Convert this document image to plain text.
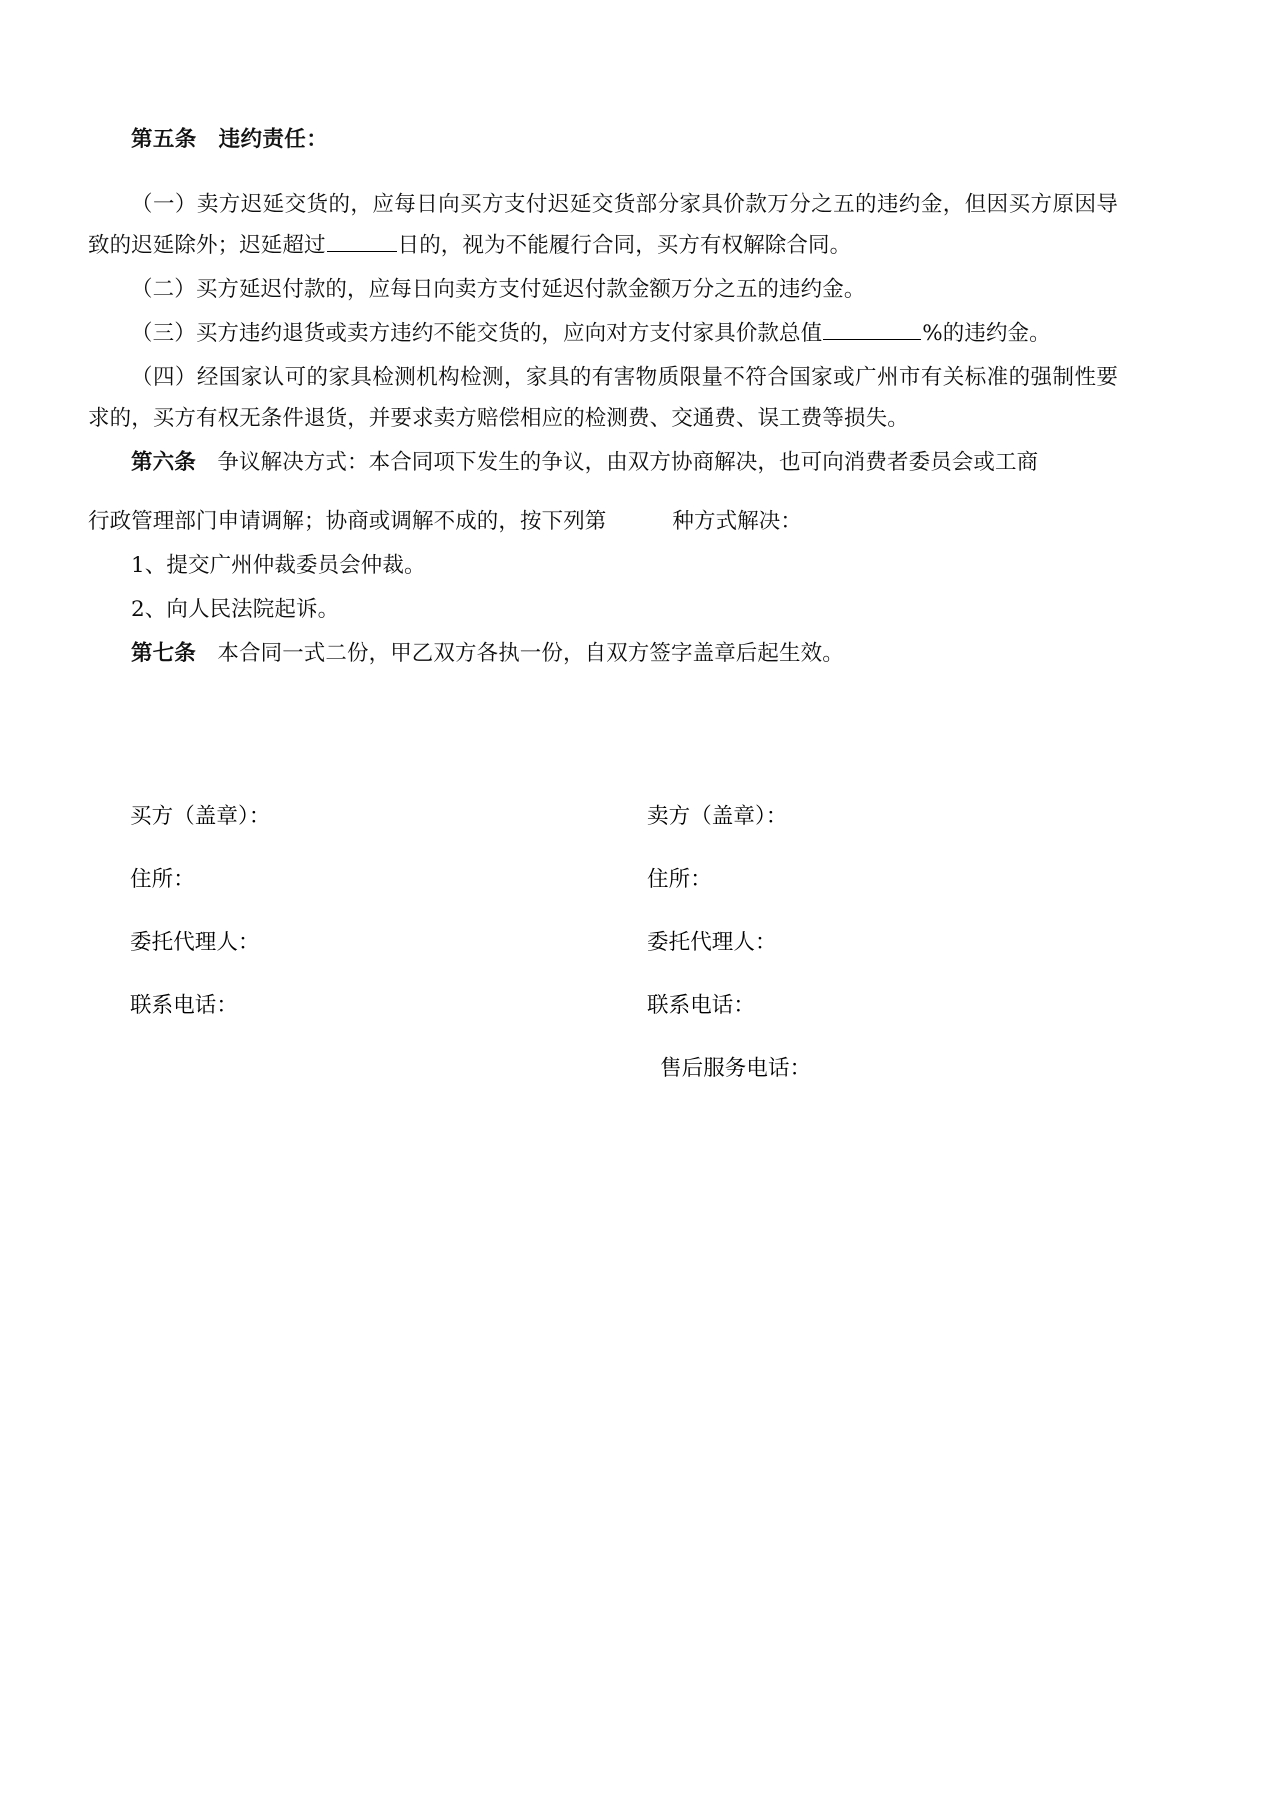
第五条　违约责任：

（一）卖方迟延交货的，应每日向买方支付迟延交货部分家具价款万分之五的违约金，但因买方原因导致的迟延除外；迟延超过	日的，视为不能履行合同，买方有权解除合同。

（二）买方延迟付款的，应每日向卖方支付延迟付款金额万分之五的违约金。

（三）买方违约退货或卖方违约不能交货的，应向对方支付家具价款总值	%的违约金。

（四）经国家认可的家具检测机构检测，家具的有害物质限量不符合国家或广州市有关标准的强制性要求的，买方有权无条件退货，并要求卖方赔偿相应的检测费、交通费、误工费等损失。

第六条　争议解决方式：本合同项下发生的争议，由双方协商解决，也可向消费者委员会或工商

行政管理部门申请调解；协商或调解不成的，按下列第	种方式解决：

1、提交广州仲裁委员会仲裁。

2、向人民法院起诉。

第七条　本合同一式二份，甲乙双方各执一份，自双方签字盖章后起生效。

买方（盖章）：	卖方（盖章）：
住所：	住所：
委托代理人：	委托代理人：
联系电话：	联系电话：
售后服务电话：
